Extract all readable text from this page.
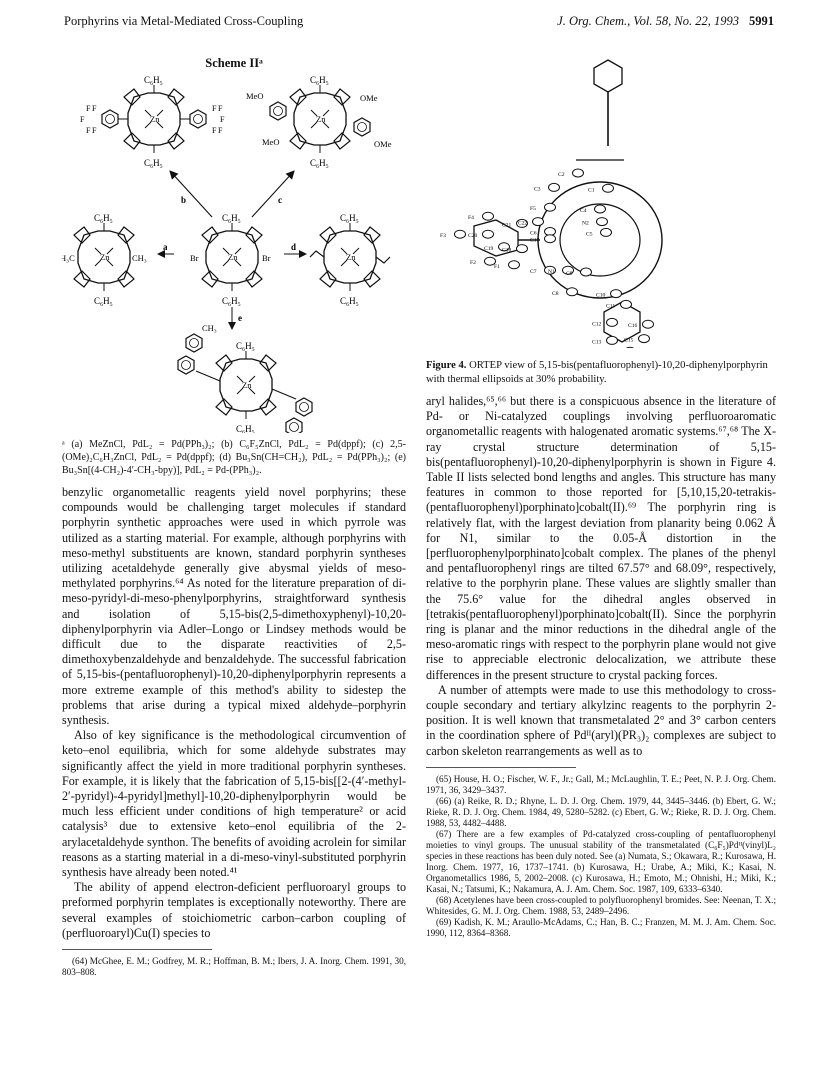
Porphyrins via Metal-Mediated Cross-Coupling	J. Org. Chem., Vol. 58, No. 22, 1993 5991
Scheme IIᵃ
C₆H₅
C₆H₅
Zn
F F
F
F F
F F
F
F F
C₆H₅
C₆H₅
Zn
MeO
MeO
OMe
OMe
b	c
C₆H₅
C₆H₅
Zn
H₃C	CH₃
a
C₆H₅
C₆H₅
Zn
Br	Br
d
C₆H₅
C₆H₅
Zn
e
C₆H₅
C₆H₅
Zn
CH₃

ᵃ (a) MeZnCl, PdL₂ = Pd(PPh₃)₂; (b) C₆F₅ZnCl, PdL₂ = Pd(dppf); (c) 2,5-(OMe)₂C₆H₃ZnCl, PdL₂ = Pd(dppf); (d) Bu₃Sn(CH=CH₂), PdL₂ = Pd(PPh₃)₂; (e) Bu₃Sn[(4-CH₂)-4′-CH₃-bpy)], PdL₂ = Pd-(PPh₃)₂.

benzylic organometallic reagents yield novel porphyrins; these compounds would be challenging target molecules if standard porphyrin synthetic approaches were used in which pyrrole was utilized as a starting material. For example, although porphyrins with meso-methyl substituents are known, standard porphyrin syntheses utilizing acetaldehyde generally give abysmal yields of meso-methylated porphyrins.⁶⁴ As noted for the literature preparation of di-meso-pyridyl-di-meso-phenylporphyrins, straightforward synthesis and isolation of 5,15-bis(2,5-dimethoxyphenyl)-10,20-diphenylporphyrin via Adler–Longo or Lindsey methods would be difficult due to the disparate reactivities of 2,5-dimethoxybenzaldehyde and benzaldehyde. The successful fabrication of 5,15-bis-(pentafluorophenyl)-10,20-diphenylporphyrin represents a more extreme example of this method's ability to sidestep the problems that arise during a typical mixed aldehyde–porphyrin synthesis.

Also of key significance is the methodological circumvention of keto–enol equilibria, which for some aldehyde substrates may significantly affect the yield in more traditional porphyrin syntheses. For example, it is likely that the fabrication of 5,15-bis[[2-(4′-methyl-2′-pyridyl)-4-pyridyl]methyl]-10,20-diphenylporphyrin would be much less efficient under conditions of high temperature² or acid catalysis³ due to extensive keto–enol equilibria of the 2-arylacetaldehyde synthon. The benefits of avoiding acrolein for similar reasons as a starting material in a di-meso-vinyl-substituted porphyrin synthesis have already been noted.⁴¹

The ability of append electron-deficient perfluoroaryl groups to preformed porphyrin templates is exceptionally noteworthy. There are several examples of stoichiometric carbon–carbon coupling of (perfluoroaryl)Cu(I) species to

(64) McGhee, E. M.; Godfrey, M. R.; Hoffman, B. M.; Ibers, J. A. Inorg. Chem. 1991, 30, 803–808.
C2
C3	C1
C4
N2
C5
C6
C21 C22
F5
F4
F3	C20
C17
C19 C18
F2
F1
C7 N1 C9
C8	C10
C11
C12	C16
C13	C15
Figure 4. ORTEP view of 5,15-bis(pentafluorophenyl)-10,20-diphenylporphyrin with thermal ellipsoids at 30% probability.

aryl halides,⁶⁵,⁶⁶ but there is a conspicuous absence in the literature of Pd- or Ni-catalyzed couplings involving perfluoroaromatic organometallic reagents with halogenated aromatic systems.⁶⁷,⁶⁸ The X-ray crystal structure determination of 5,15-bis(pentafluorophenyl)-10,20-diphenylporphyrin is shown in Figure 4. Table II lists selected bond lengths and angles. This structure has many features in common to those reported for [5,10,15,20-tetrakis-(pentafluorophenyl)porphinato]cobalt(II).⁶⁹ The porphyrin ring is relatively flat, with the largest deviation from planarity being 0.062 Å for N1, similar to the 0.05-Å distortion in the [perfluorophenylporphinato]cobalt complex. The planes of the phenyl and pentafluorophenyl rings are tilted 67.57° and 68.09°, respectively, relative to the porphyrin plane. These values are slightly smaller than the 75.6° value for the dihedral angles observed in [tetrakis(pentafluorophenyl)porphinato]cobalt(II). Since the porphyrin ring is planar and the minor reductions in the dihedral angle of the meso-aromatic rings with respect to the porphyrin plane would not give rise to appreciable electronic delocalization, we attribute these differences in the present structure to crystal packing forces.

A number of attempts were made to use this methodology to cross-couple secondary and tertiary alkylzinc reagents to the porphyrin 2-position. It is well known that transmetalated 2° and 3° carbon centers in the coordination sphere of Pdᴵᴵ(aryl)(PR₃)₂ complexes are subject to carbon skeleton rearrangements as well as to

(65) House, H. O.; Fischer, W. F., Jr.; Gall, M.; McLaughlin, T. E.; Peet, N. P. J. Org. Chem. 1971, 36, 3429–3437.
(66) (a) Reike, R. D.; Rhyne, L. D. J. Org. Chem. 1979, 44, 3445–3446. (b) Ebert, G. W.; Rieke, R. D. J. Org. Chem. 1984, 49, 5280–5282. (c) Ebert, G. W.; Rieke, R. D. J. Org. Chem. 1988, 53, 4482–4488.
(67) There are a few examples of Pd-catalyzed cross-coupling of pentafluorophenyl moieties to vinyl groups. The unusual stability of the transmetalated (C₆F₅)Pdᴵᴵ(vinyl)L₂ species in these reactions has been duly noted. See (a) Numata, S.; Okawara, R.; Kurosawa, H. Inorg. Chem. 1977, 16, 1737–1741. (b) Kurosawa, H.; Urabe, A.; Miki, K.; Kasai, N. Organometallics 1986, 5, 2002–2008. (c) Kurosawa, H.; Emoto, M.; Ohnishi, H.; Miki, K.; Kasai, N.; Tatsumi, K.; Nakamura, A. J. Am. Chem. Soc. 1987, 109, 6333–6340.
(68) Acetylenes have been cross-coupled to polyfluorophenyl bromides. See: Neenan, T. X.; Whitesides, G. M. J. Org. Chem. 1988, 53, 2489–2496.
(69) Kadish, K. M.; Araullo-McAdams, C.; Han, B. C.; Franzen, M. M. J. Am. Chem. Soc. 1990, 112, 8364–8368.
